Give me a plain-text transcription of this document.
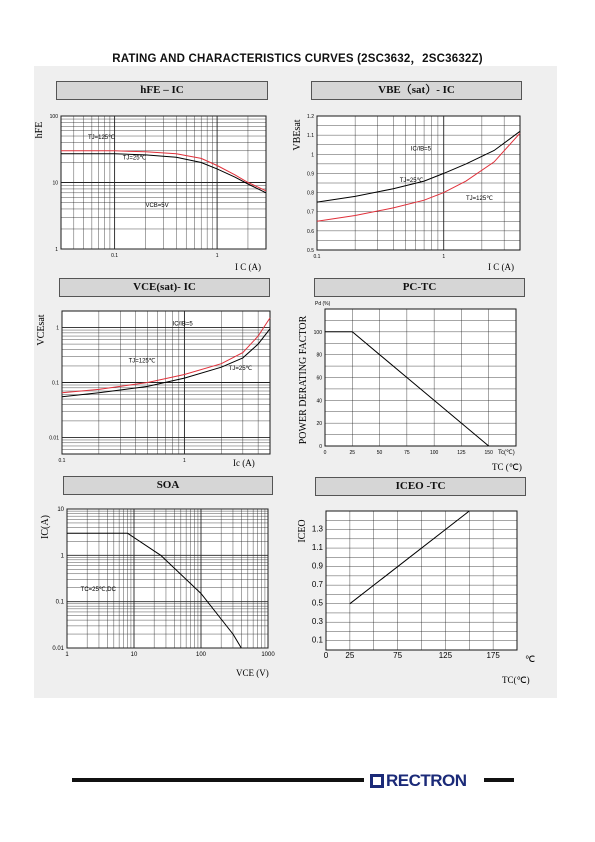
RATING AND CHARACTERISTICS CURVES (2SC3632，2SC3632Z)
hFE – IC	VBE（sat）- IC
VCE(sat)- IC	PC-TC
SOA	ICEO -TC
0.1	1
1
10
100
TJ=125℃
TJ=25℃
VCB=5V
I C (A)
hFE
0.1	1
0.5
0.6
0.7
0.8
0.9
1
1.1
1.2
IC/IB=5
TJ=25℃
TJ=125℃
I C (A)
VBEsat
0.1	1
0.01
0.1
1
IC/IB=5
TJ=125℃
TJ=25℃
Ic (A)
VCEsat
0	25	50	75	100	125	150
0
20
40
60
80
100
TC (℃)
POWER DERATING FACTOR
Pd (%)
Tc(℃)
1	10	100	1000
0.01
0.1
1
10
TC=25℃,DC
VCE (V)
IC(A)
0 25	75	125	175
0.1
0.3
0.5
0.7
0.9
1.1
1.3
TC(℃)
ICEO
℃
RECTRON
